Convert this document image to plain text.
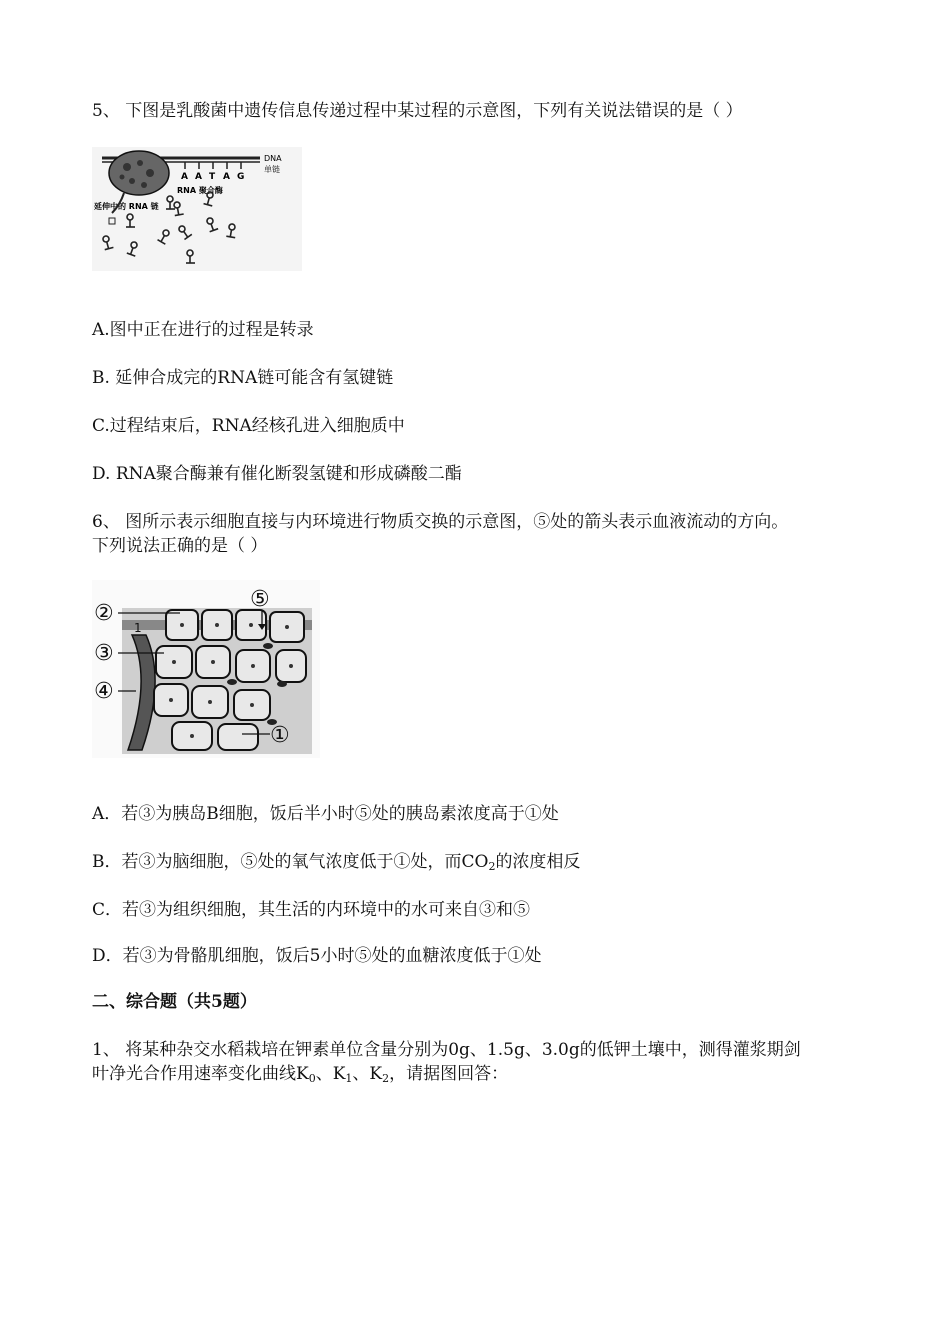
5、 下图是乳酸菌中遗传信息传递过程中某过程的示意图，下列有关说法错误的是（ ）
A A T A G
DNA
单链
RNA 聚合酶
延伸中的 RNA 链
A.图中正在进行的过程是转录
B. 延伸合成完的RNA链可能含有氢键链
C.过程结束后，RNA经核孔进入细胞质中
D. RNA聚合酶兼有催化断裂氢键和形成磷酸二酯
6、 图所示表示细胞直接与内环境进行物质交换的示意图，⑤处的箭头表示血液流动的方向。
下列说法正确的是（ ）
②
③
④
⑤
①
1
A．若③为胰岛B细胞，饭后半小时⑤处的胰岛素浓度高于①处
B．若③为脑细胞，⑤处的氧气浓度低于①处，而$CO_2$的浓度相反
C．若③为组织细胞，其生活的内环境中的水可来自③和⑤
D．若③为骨骼肌细胞，饭后5小时⑤处的血糖浓度低于①处
二、综合题（共5题）
1、 将某种杂交水稻栽培在钾素单位含量分别为0g、1.5g、3.0g的低钾土壤中，测得灌浆期剑
叶净光合作用速率变化曲线$K_0$、$K_1$、$K_2$，请据图回答：
